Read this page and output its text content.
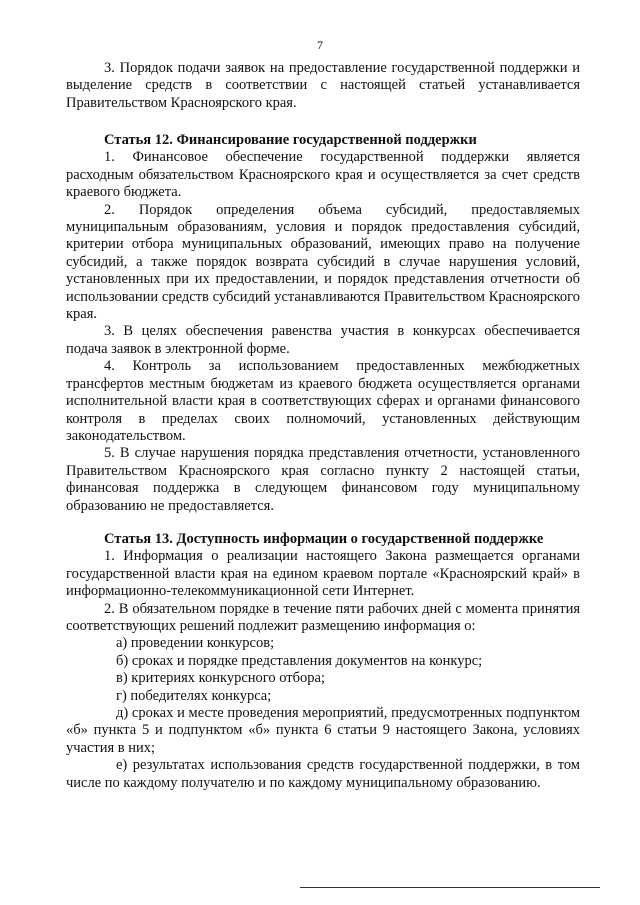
7

3. Порядок подачи заявок на предоставление государственной поддержки и выделение средств в соответствии с настоящей статьей устанавливается Правительством Красноярского края.

Статья 12. Финансирование государственной поддержки

1. Финансовое обеспечение государственной поддержки является расходным обязательством Красноярского края и осуществляется за счет средств краевого бюджета.

2. Порядок определения объема субсидий, предоставляемых муниципальным образованиям, условия и порядок предоставления субсидий, критерии отбора муниципальных образований, имеющих право на получение субсидий, а также порядок возврата субсидий в случае нарушения условий, установленных при их предоставлении, и порядок представления отчетности об использовании средств субсидий устанавливаются Правительством Красноярского края.

3. В целях обеспечения равенства участия в конкурсах обеспечивается подача заявок в электронной форме.

4. Контроль за использованием предоставленных межбюджетных трансфертов местным бюджетам из краевого бюджета осуществляется органами исполнительной власти края в соответствующих сферах и органами финансового контроля в пределах своих полномочий, установленных действующим законодательством.

5. В случае нарушения порядка представления отчетности, установленного Правительством Красноярского края согласно пункту 2 настоящей статьи, финансовая поддержка в следующем финансовом году муниципальному образованию не предоставляется.

Статья 13. Доступность информации о государственной поддержке

1. Информация о реализации настоящего Закона размещается органами государственной власти края на едином краевом портале «Красноярский край» в информационно-телекоммуникационной сети Интернет.

2. В обязательном порядке в течение пяти рабочих дней с момента принятия соответствующих решений подлежит размещению информация о:

а) проведении конкурсов;

б) сроках и порядке представления документов на конкурс;

в) критериях конкурсного отбора;

г) победителях конкурса;

д) сроках и месте проведения мероприятий, предусмотренных подпунктом «б» пункта 5 и подпунктом «б» пункта 6 статьи 9 настоящего Закона, условиях участия в них;

е) результатах использования средств государственной поддержки, в том числе по каждому получателю и по каждому муниципальному образованию.
